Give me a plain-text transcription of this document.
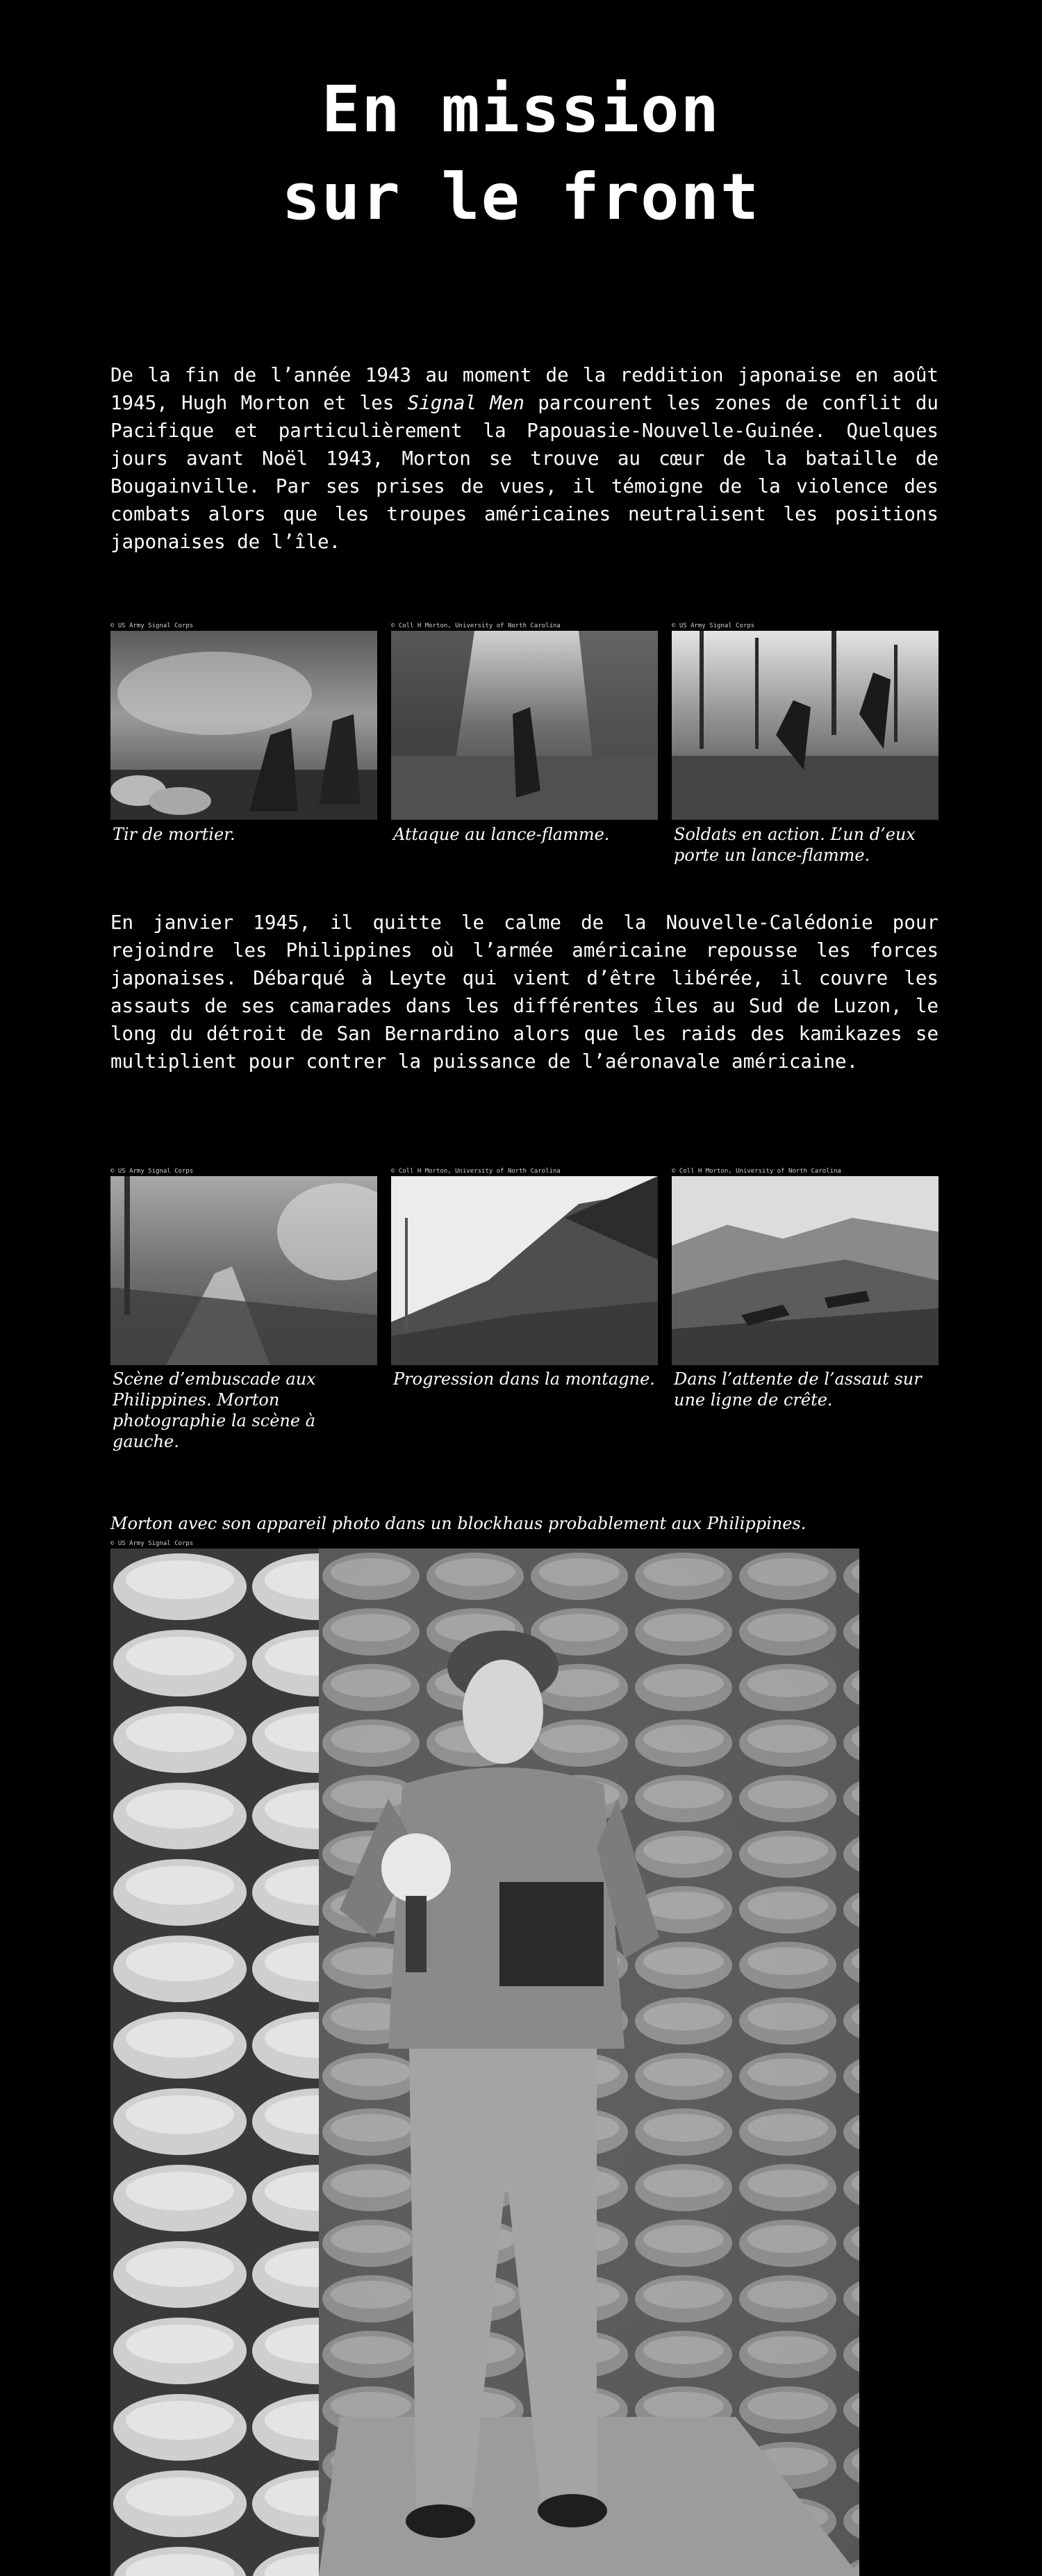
En mission
sur le front

De la fin de l’année 1943 au moment de la reddition japonaise en août 1945, Hugh Morton et les Signal Men parcourent les zones de conflit du Pacifique et particulièrement la Papouasie-Nouvelle-Guinée. Quelques jours avant Noël 1943, Morton se trouve au cœur de la bataille de Bougainville. Par ses prises de vues, il témoigne de la violence des combats alors que les troupes américaines neutralisent les positions japonaises de l’île.

© US Army Signal Corps	© Coll H Morton, University of North Carolina	© US Army Signal Corps
Tir de mortier.	Attaque au lance-flamme.	Soldats en action. L’un d’eux porte un lance-flamme.

En janvier 1945, il quitte le calme de la Nouvelle-Calédonie pour rejoindre les Philippines où l’armée américaine repousse les forces japonaises. Débarqué à Leyte qui vient d’être libérée, il couvre les assauts de ses camarades dans les différentes îles au Sud de Luzon, le long du détroit de San Bernardino alors que les raids des kamikazes se multiplient pour contrer la puissance de l’aéronavale américaine.

© US Army Signal Corps	© Coll H Morton, University of North Carolina	© Coll H Morton, University of North Carolina
Scène d’embuscade aux Philippines. Morton photographie la scène à gauche.
Progression dans la montagne. Dans l’attente de l’assaut sur une ligne de crête.
Morton avec son appareil photo dans un blockhaus probablement aux Philippines.
© US Army Signal Corps
